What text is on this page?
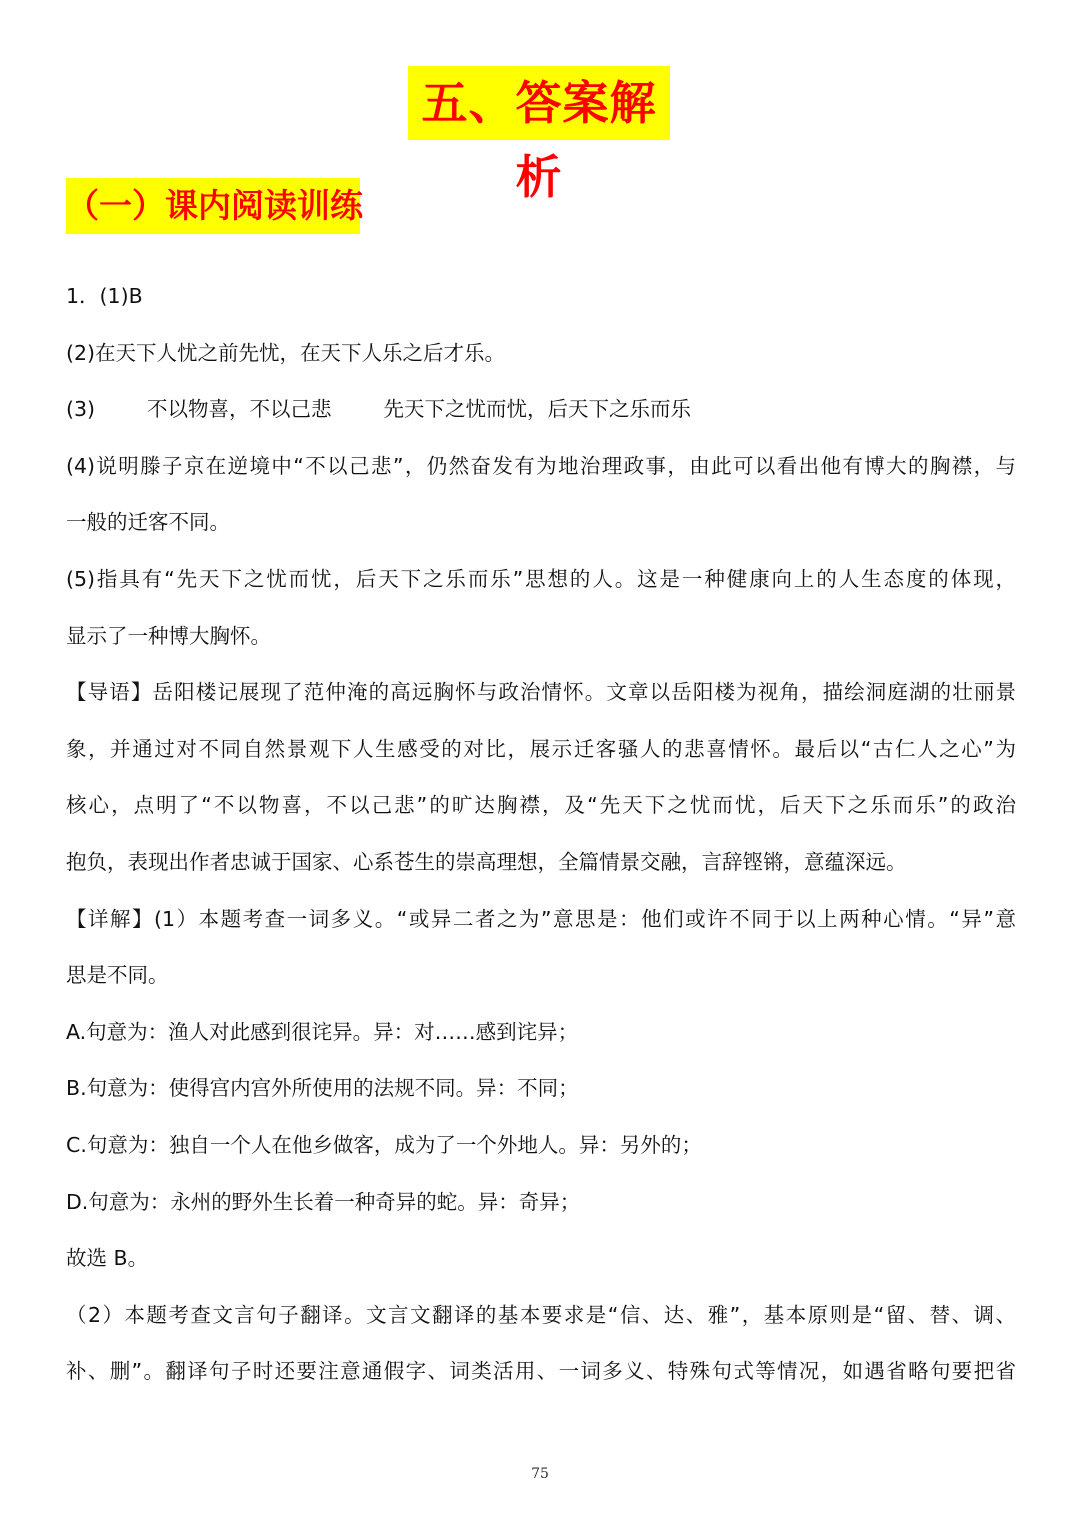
五、答案解析
（一）课内阅读训练
1．(1)B
(2)在天下人忧之前先忧，在天下人乐之后才乐。
(3)	不以物喜，不以己悲	先天下之忧而忧，后天下之乐而乐
(4)说明滕子京在逆境中“不以己悲”，仍然奋发有为地治理政事，由此可以看出他有博大的胸襟，与
一般的迁客不同。
(5)指具有“先天下之忧而忧，后天下之乐而乐”思想的人。这是一种健康向上的人生态度的体现，
显示了一种博大胸怀。
【导语】岳阳楼记展现了范仲淹的高远胸怀与政治情怀。文章以岳阳楼为视角，描绘洞庭湖的壮丽景
象，并通过对不同自然景观下人生感受的对比，展示迁客骚人的悲喜情怀。最后以“古仁人之心”为
核心，点明了“不以物喜，不以己悲”的旷达胸襟，及“先天下之忧而忧，后天下之乐而乐”的政治
抱负，表现出作者忠诚于国家、心系苍生的崇高理想，全篇情景交融，言辞铿锵，意蕴深远。
【详解】(1）本题考查一词多义。“或异二者之为”意思是：他们或许不同于以上两种心情。“异”意
思是不同。
A.句意为：渔人对此感到很诧异。异：对……感到诧异；
B.句意为：使得宫内宫外所使用的法规不同。异：不同；
C.句意为：独自一个人在他乡做客，成为了一个外地人。异：另外的；
D.句意为：永州的野外生长着一种奇异的蛇。异：奇异；
故选 B。
（2）本题考查文言句子翻译。文言文翻译的基本要求是“信、达、雅”，基本原则是“留、替、调、
补、删”。翻译句子时还要注意通假字、词类活用、一词多义、特殊句式等情况，如遇省略句要把省
75
